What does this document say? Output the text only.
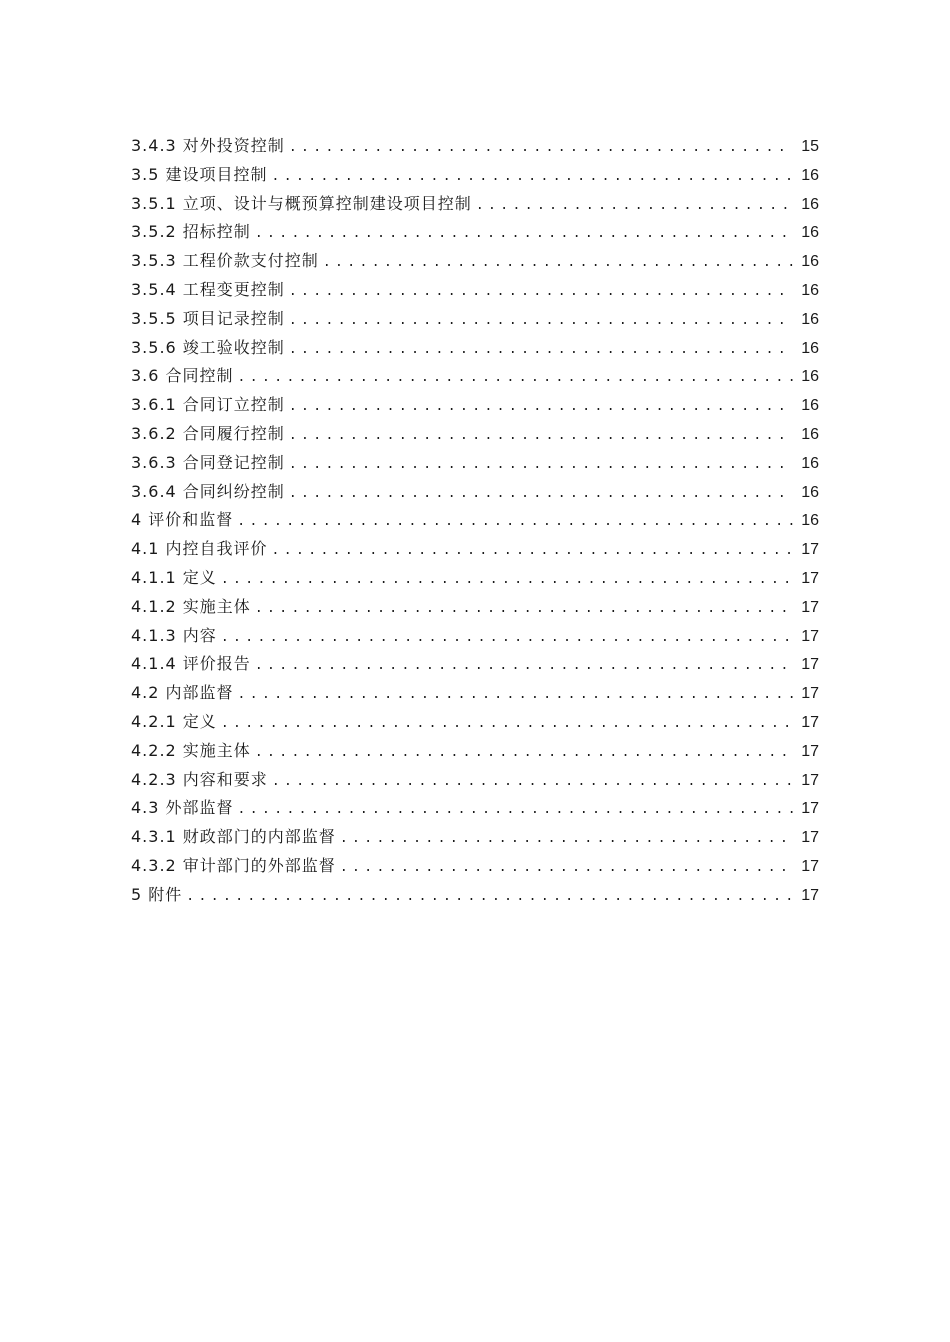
3.4.3 对外投资控制 .....	15
3.5 建设项目控制 .....	16
3.5.1 立项、设计与概预算控制建设项目控制 .....	16
3.5.2 招标控制 .....	16
3.5.3 工程价款支付控制 .....	16
3.5.4 工程变更控制 .....	16
3.5.5 项目记录控制 .....	16
3.5.6 竣工验收控制 .....	16
3.6 合同控制 .....	16
3.6.1 合同订立控制 .....	16
3.6.2 合同履行控制 .....	16
3.6.3 合同登记控制 .....	16
3.6.4 合同纠纷控制 .....	16
4 评价和监督 .....	16
4.1 内控自我评价 .....	17
4.1.1 定义 .....	17
4.1.2 实施主体 .....	17
4.1.3 内容 .....	17
4.1.4 评价报告 .....	17
4.2 内部监督 .....	17
4.2.1 定义 .....	17
4.2.2 实施主体 .....	17
4.2.3 内容和要求 .....	17
4.3 外部监督 .....	17
4.3.1 财政部门的内部监督 .....	17
4.3.2 审计部门的外部监督 .....	17
5 附件 .....	17
